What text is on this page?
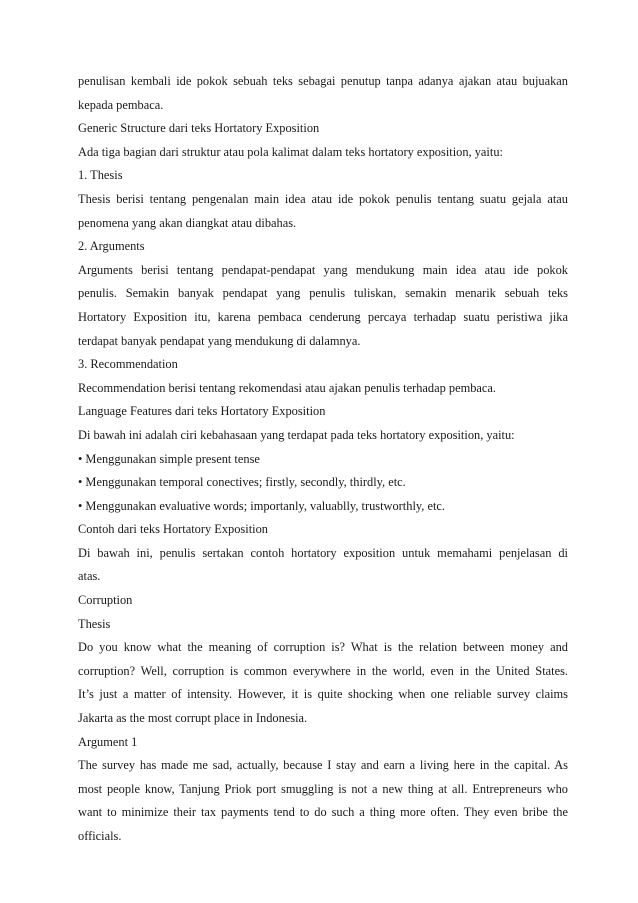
penulisan kembali ide pokok sebuah teks sebagai penutup tanpa adanya ajakan atau bujuakan
kepada pembaca.
Generic Structure dari teks Hortatory Exposition
Ada tiga bagian dari struktur atau pola kalimat dalam teks hortatory exposition, yaitu:
1. Thesis
Thesis berisi tentang pengenalan main idea atau ide pokok penulis tentang suatu gejala atau
penomena yang akan diangkat atau dibahas.
2. Arguments
Arguments berisi tentang pendapat-pendapat yang mendukung main idea atau ide pokok
penulis. Semakin banyak pendapat yang penulis tuliskan, semakin menarik sebuah teks
Hortatory Exposition itu, karena pembaca cenderung percaya terhadap suatu peristiwa jika
terdapat banyak pendapat yang mendukung di dalamnya.
3. Recommendation
Recommendation berisi tentang rekomendasi atau ajakan penulis terhadap pembaca.
Language Features dari teks Hortatory Exposition
Di bawah ini adalah ciri kebahasaan yang terdapat pada teks hortatory exposition, yaitu:
• Menggunakan simple present tense
• Menggunakan temporal conectives; firstly, secondly, thirdly, etc.
• Menggunakan evaluative words; importanly, valuablly, trustworthly, etc.
Contoh dari teks Hortatory Exposition
Di bawah ini, penulis sertakan contoh hortatory exposition untuk memahami penjelasan di
atas.
Corruption
Thesis
Do you know what the meaning of corruption is? What is the relation between money and
corruption? Well, corruption is common everywhere in the world, even in the United States.
It’s just a matter of intensity. However, it is quite shocking when one reliable survey claims
Jakarta as the most corrupt place in Indonesia.
Argument 1
The survey has made me sad, actually, because I stay and earn a living here in the capital. As
most people know, Tanjung Priok port smuggling is not a new thing at all. Entrepreneurs who
want to minimize their tax payments tend to do such a thing more often. They even bribe the
officials.
